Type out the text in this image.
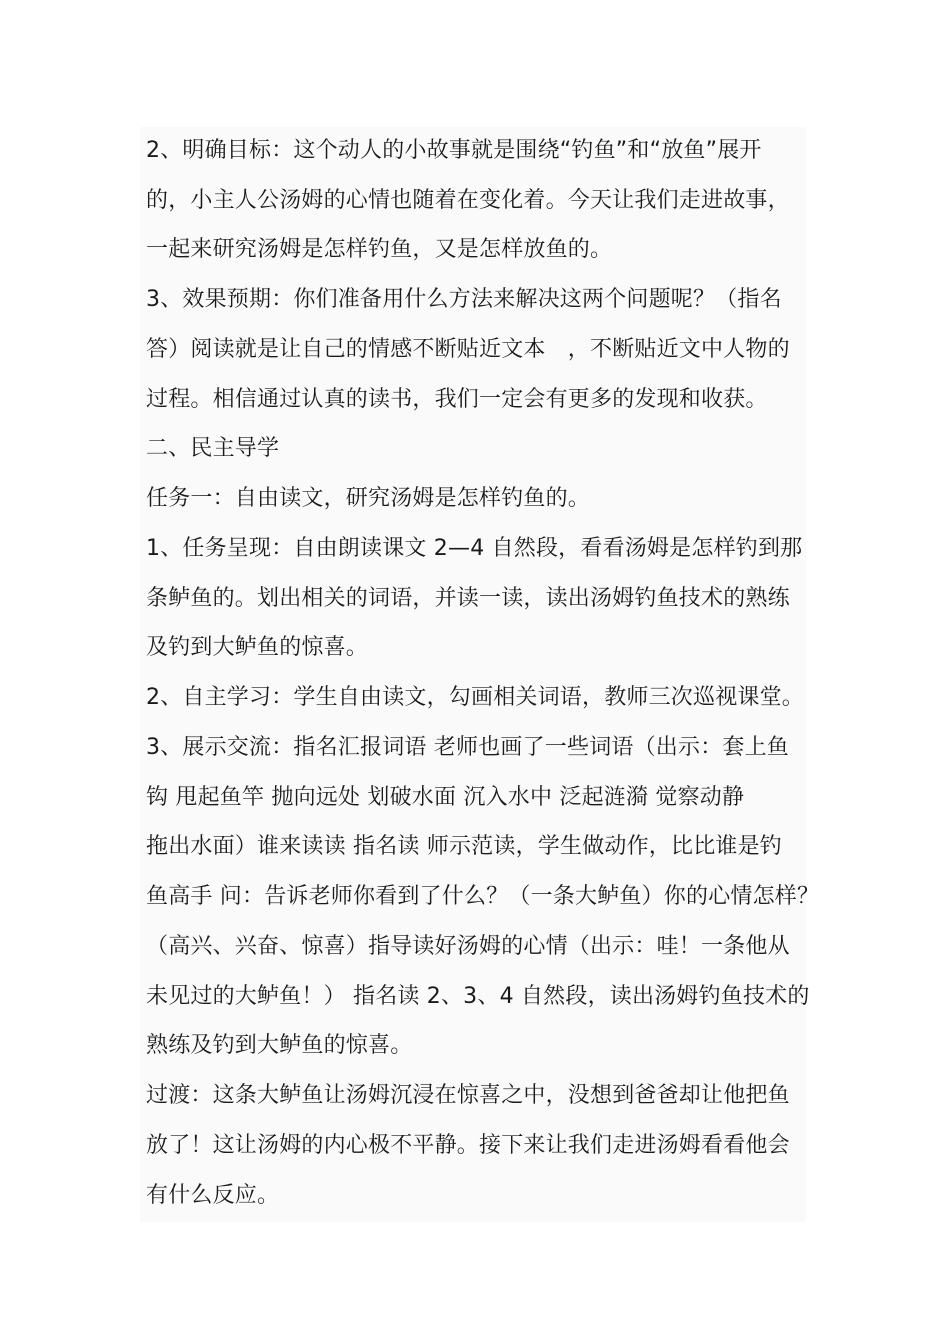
2、明确目标：这个动人的小故事就是围绕“钓鱼”和“放鱼”展开
的，小主人公汤姆的心情也随着在变化着。今天让我们走进故事，
一起来研究汤姆是怎样钓鱼，又是怎样放鱼的。
3、效果预期：你们准备用什么方法来解决这两个问题呢？（指名
答）阅读就是让自己的情感不断贴近文本　，不断贴近文中人物的
过程。相信通过认真的读书，我们一定会有更多的发现和收获。
二、民主导学
任务一：自由读文，研究汤姆是怎样钓鱼的。
1、任务呈现：自由朗读课文 2—4 自然段，看看汤姆是怎样钓到那
条鲈鱼的。划出相关的词语，并读一读，读出汤姆钓鱼技术的熟练
及钓到大鲈鱼的惊喜。
2、自主学习：学生自由读文，勾画相关词语，教师三次巡视课堂。
3、展示交流：指名汇报词语 老师也画了一些词语（出示：套上鱼
钩 甩起鱼竿 抛向远处 划破水面 沉入水中 泛起涟漪 觉察动静
拖出水面）谁来读读 指名读 师示范读，学生做动作，比比谁是钓
鱼高手 问：告诉老师你看到了什么？（一条大鲈鱼）你的心情怎样？
（高兴、兴奋、惊喜）指导读好汤姆的心情（出示：哇！一条他从
未见过的大鲈鱼！） 指名读 2、3、4 自然段，读出汤姆钓鱼技术的
熟练及钓到大鲈鱼的惊喜。
过渡：这条大鲈鱼让汤姆沉浸在惊喜之中，没想到爸爸却让他把鱼
放了！这让汤姆的内心极不平静。接下来让我们走进汤姆看看他会
有什么反应。
